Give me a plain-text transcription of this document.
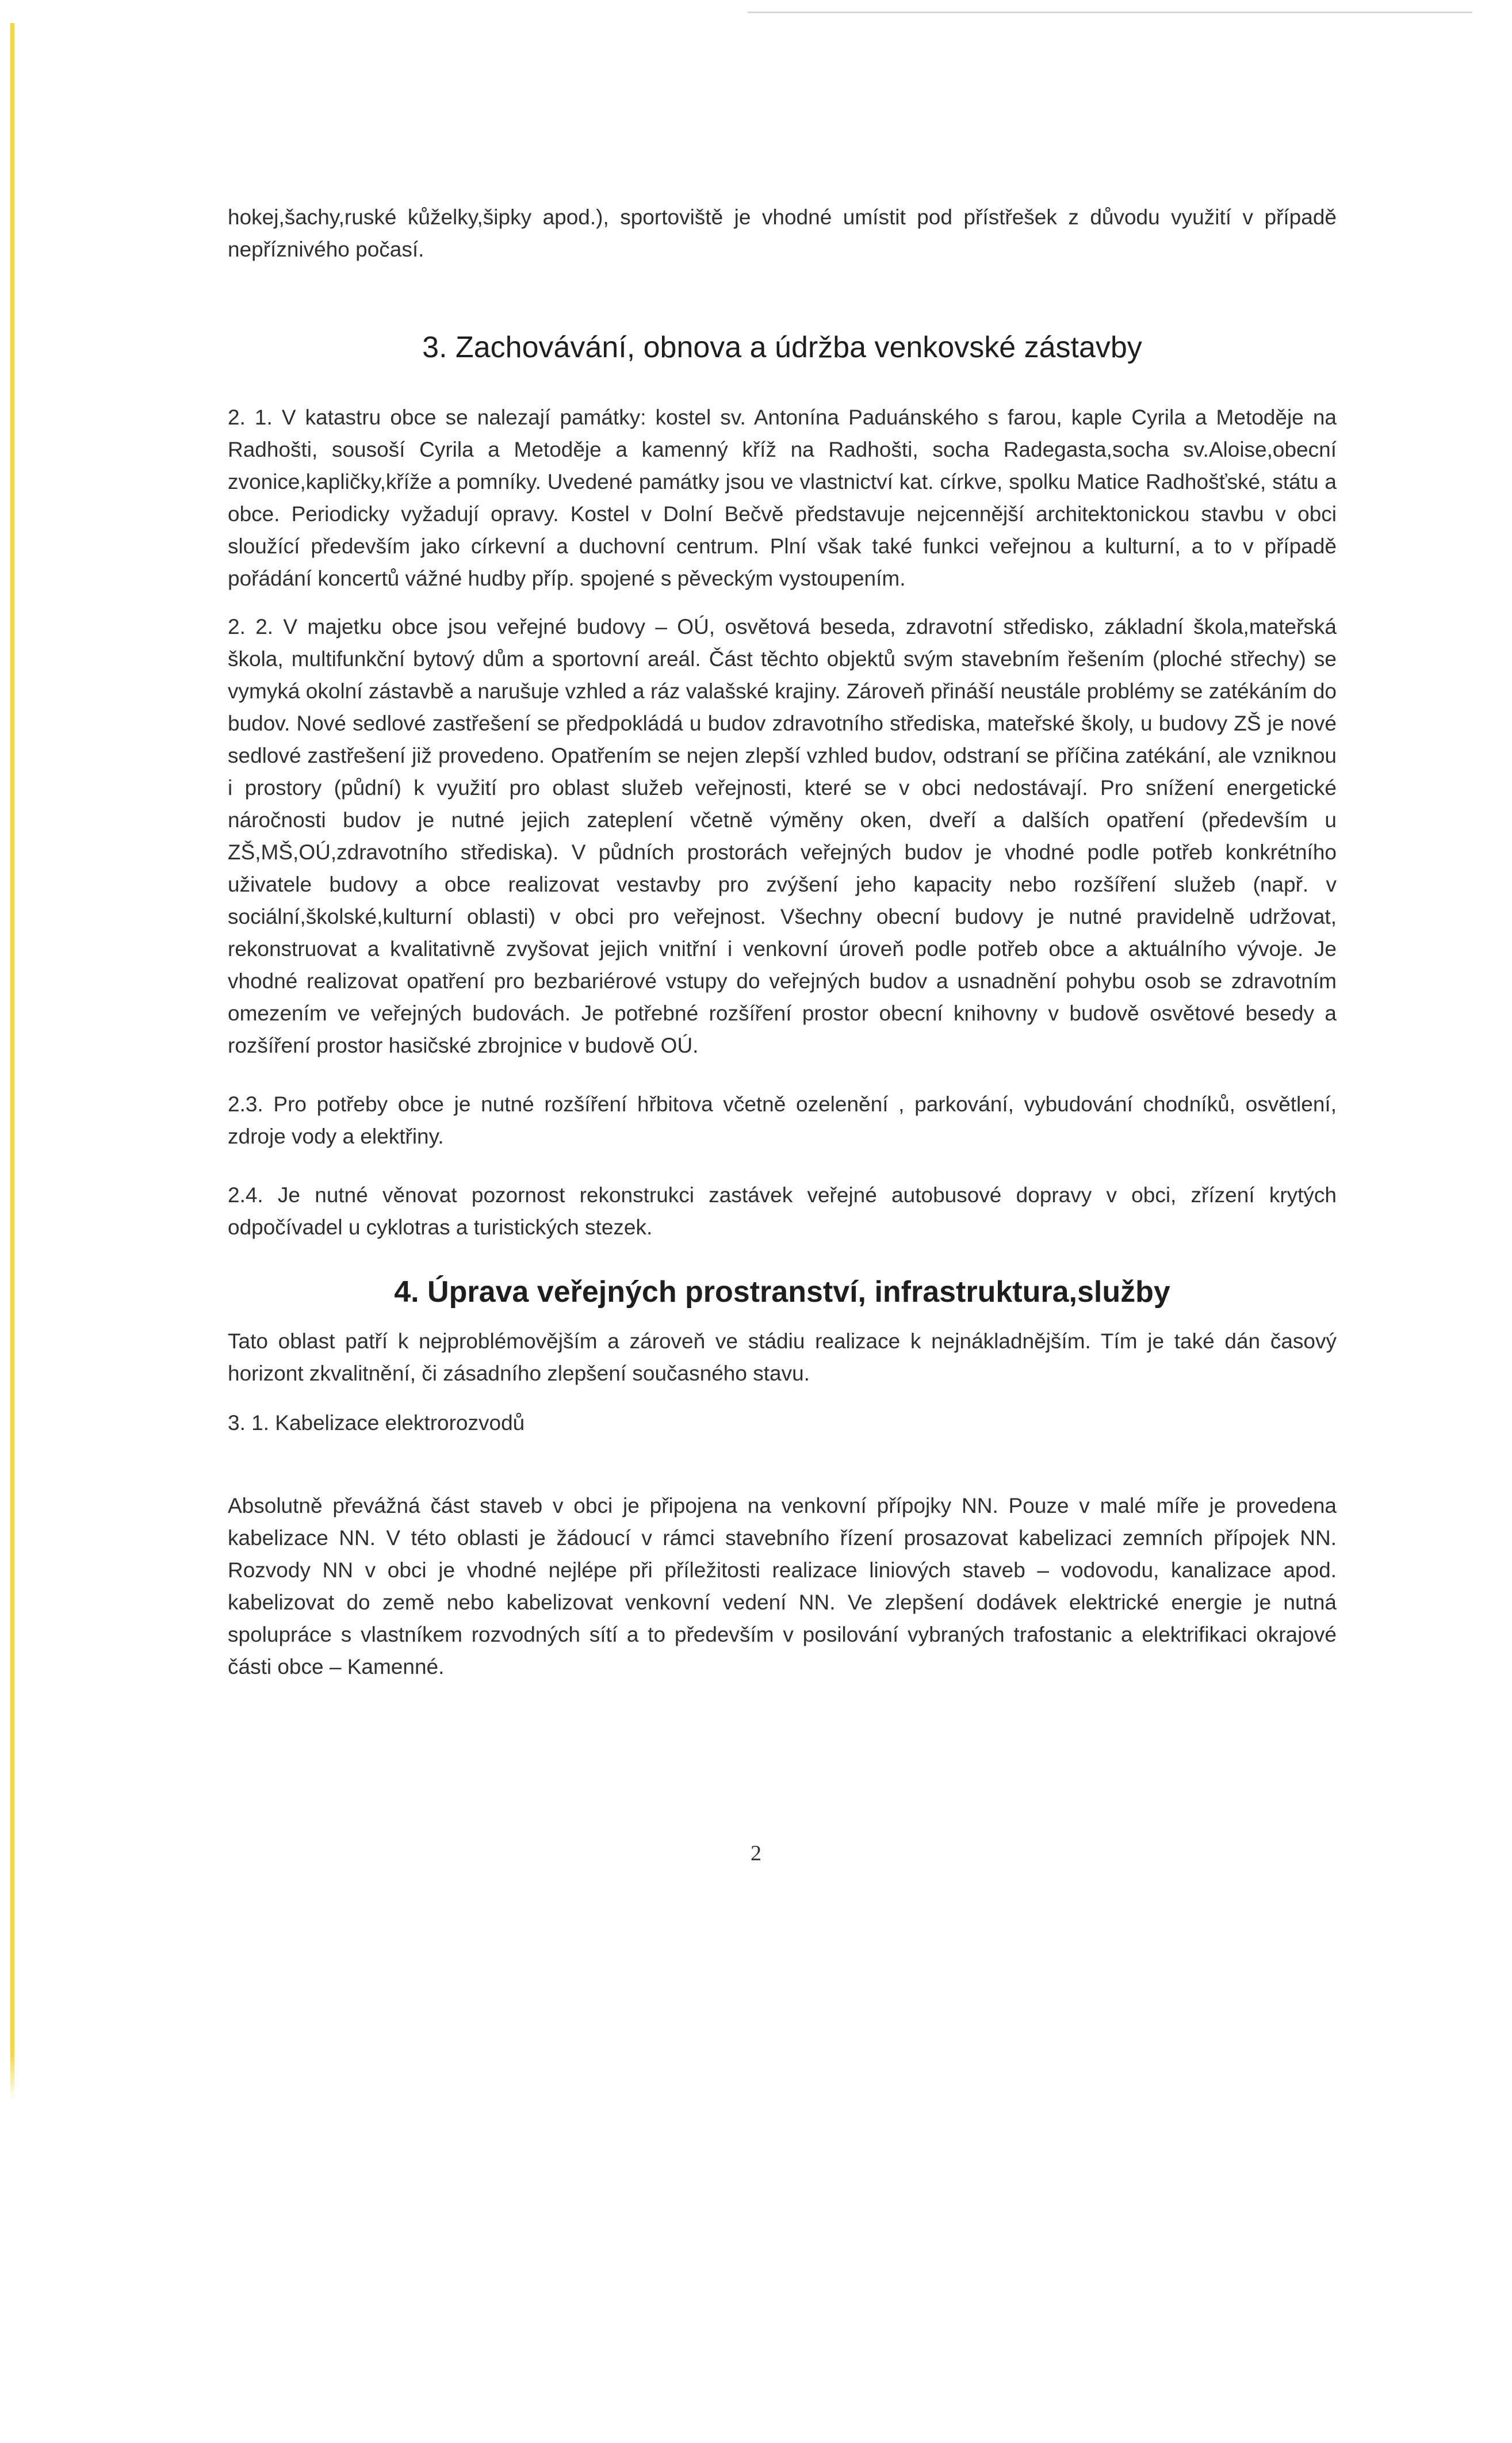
hokej,šachy,ruské kůželky,šipky apod.), sportoviště je vhodné umístit pod přístřešek z důvodu využití v případě nepříznivého počasí.

3. Zachovávání, obnova a údržba venkovské zástavby

2. 1. V katastru obce se nalezají památky: kostel sv. Antonína Paduánského s farou, kaple Cyrila a Metoděje na Radhošti, sousoší Cyrila a Metoděje a kamenný kříž na Radhošti, socha Radegasta,socha sv.Aloise,obecní zvonice,kapličky,kříže a pomníky. Uvedené památky jsou ve vlastnictví kat. církve, spolku Matice Radhošťské, státu a obce. Periodicky vyžadují opravy. Kostel v Dolní Bečvě představuje nejcennější architektonickou stavbu v obci sloužící především jako církevní a duchovní centrum. Plní však také funkci veřejnou a kulturní, a to v případě pořádání koncertů vážné hudby příp. spojené s pěveckým vystoupením.

2. 2. V majetku obce jsou veřejné budovy – OÚ, osvětová beseda, zdravotní středisko, základní škola,mateřská škola, multifunkční bytový dům a sportovní areál. Část těchto objektů svým stavebním řešením (ploché střechy) se vymyká okolní zástavbě a narušuje vzhled a ráz valašské krajiny. Zároveň přináší neustále problémy se zatékáním do budov. Nové sedlové zastřešení se předpokládá u budov zdravotního střediska, mateřské školy, u budovy ZŠ je nové sedlové zastřešení již provedeno. Opatřením se nejen zlepší vzhled budov, odstraní se příčina zatékání, ale vzniknou i prostory (půdní) k využití pro oblast služeb veřejnosti, které se v obci nedostávají. Pro snížení energetické náročnosti budov je nutné jejich zateplení včetně výměny oken, dveří a dalších opatření (především u ZŠ,MŠ,OÚ,zdravotního střediska). V půdních prostorách veřejných budov je vhodné podle potřeb konkrétního uživatele budovy a obce realizovat vestavby pro zvýšení jeho kapacity nebo rozšíření služeb (např. v sociální,školské,kulturní oblasti) v obci pro veřejnost. Všechny obecní budovy je nutné pravidelně udržovat, rekonstruovat a kvalitativně zvyšovat jejich vnitřní i venkovní úroveň podle potřeb obce a aktuálního vývoje. Je vhodné realizovat opatření pro bezbariérové vstupy do veřejných budov a usnadnění pohybu osob se zdravotním omezením ve veřejných budovách. Je potřebné rozšíření prostor obecní knihovny v budově osvětové besedy a rozšíření prostor hasičské zbrojnice v budově OÚ.

2.3. Pro potřeby obce je nutné rozšíření hřbitova včetně ozelenění , parkování, vybudování chodníků, osvětlení, zdroje vody a elektřiny.

2.4. Je nutné věnovat pozornost rekonstrukci zastávek veřejné autobusové dopravy v obci, zřízení krytých odpočívadel u cyklotras a turistických stezek.

4. Úprava veřejných prostranství, infrastruktura,služby

Tato oblast patří k nejproblémovějším a zároveň ve stádiu realizace k nejnákladnějším. Tím je také dán časový horizont zkvalitnění, či zásadního zlepšení současného stavu.

3. 1. Kabelizace elektrorozvodů

Absolutně převážná část staveb v obci je připojena na venkovní přípojky NN. Pouze v malé míře je provedena kabelizace NN. V této oblasti je žádoucí v rámci stavebního řízení prosazovat kabelizaci zemních přípojek NN. Rozvody NN v obci je vhodné nejlépe při příležitosti realizace liniových staveb – vodovodu, kanalizace apod. kabelizovat do země nebo kabelizovat venkovní vedení NN. Ve zlepšení dodávek elektrické energie je nutná spolupráce s vlastníkem rozvodných sítí a to především v posilování vybraných trafostanic a elektrifikaci okrajové části obce – Kamenné.

2
